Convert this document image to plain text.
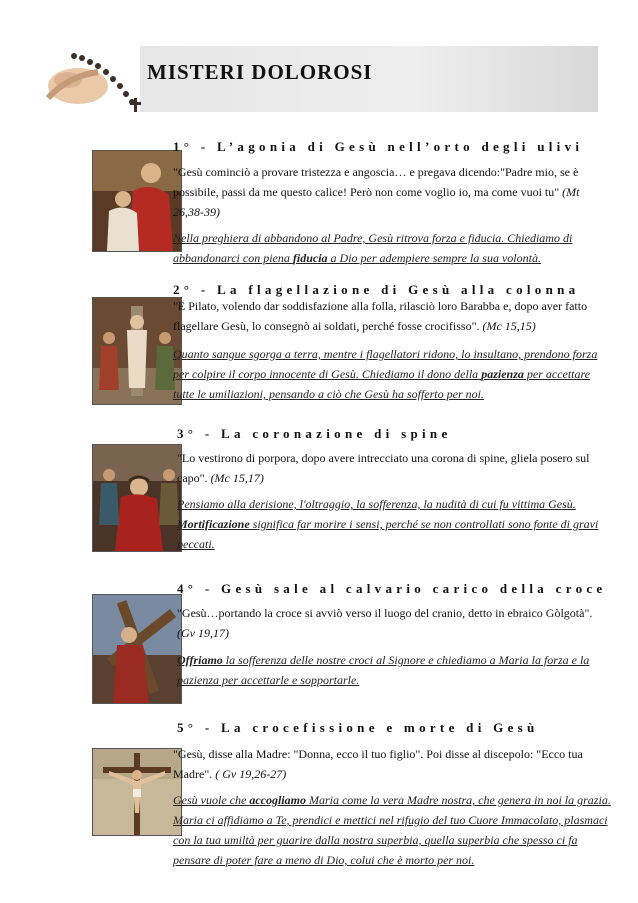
MISTERI DOLOROSI
1° - L’agonia di Gesù nell’orto degli ulivi
"Gesù cominciò a provare tristezza e angoscia… e pregava dicendo:"Padre mio, se è possibile, passi da me questo calice! Però non come voglio io, ma come vuoi tu" (Mt 26,38-39)
Nella preghiera di abbandono al Padre, Gesù ritrova forza e fiducia. Chiediamo di abbandonarci con piena fiducia a Dio per adempiere sempre la sua volontà.
2° - La flagellazione di Gesù alla colonna
"E Pilato, volendo dar soddisfazione alla folla, rilasciò loro Barabba e, dopo aver fatto flagellare Gesù, lo consegnò ai soldati, perché fosse crocifisso". (Mc 15,15)
Quanto sangue sgorga a terra, mentre i flagellatori ridono, lo insultano, prendono forza per colpire il corpo innocente di Gesù. Chiediamo il dono della pazienza per accettare tutte le umiliazioni, pensando a ciò che Gesù ha sofferto per noi.
3° - La coronazione di spine
"Lo vestirono di porpora, dopo avere intrecciato una corona di spine, gliela posero sul capo". (Mc 15,17)
Pensiamo alla derisione, l'oltraggio, la sofferenza, la nudità di cui fu vittima Gesù. Mortificazione significa far morire i sensi, perché se non controllati sono fonte di gravi peccati.
4° - Gesù sale al calvario carico della croce
"Gesù…portando la croce si avviò verso il luogo del cranio, detto in ebraico Gòlgotà". (Gv 19,17)
Offriamo la sofferenza delle nostre croci al Signore e chiediamo a Maria la forza e la pazienza per accettarle e sopportarle.
5° - La crocefissione e morte di Gesù
"Gesù, disse alla Madre: "Donna, ecco il tuo figlio". Poi disse al discepolo: "Ecco tua Madre". ( Gv 19,26-27)
Gesù vuole che accogliamo Maria come la vera Madre nostra, che genera in noi la grazia. Maria ci affidiamo a Te, prendici e mettici nel rifugio del tuo Cuore Immacolato, plasmaci con la tua umiltà per guarire dalla nostra superbia, quella superbia che spesso ci fa pensare di poter fare a meno di Dio, colui che è morto per noi.
